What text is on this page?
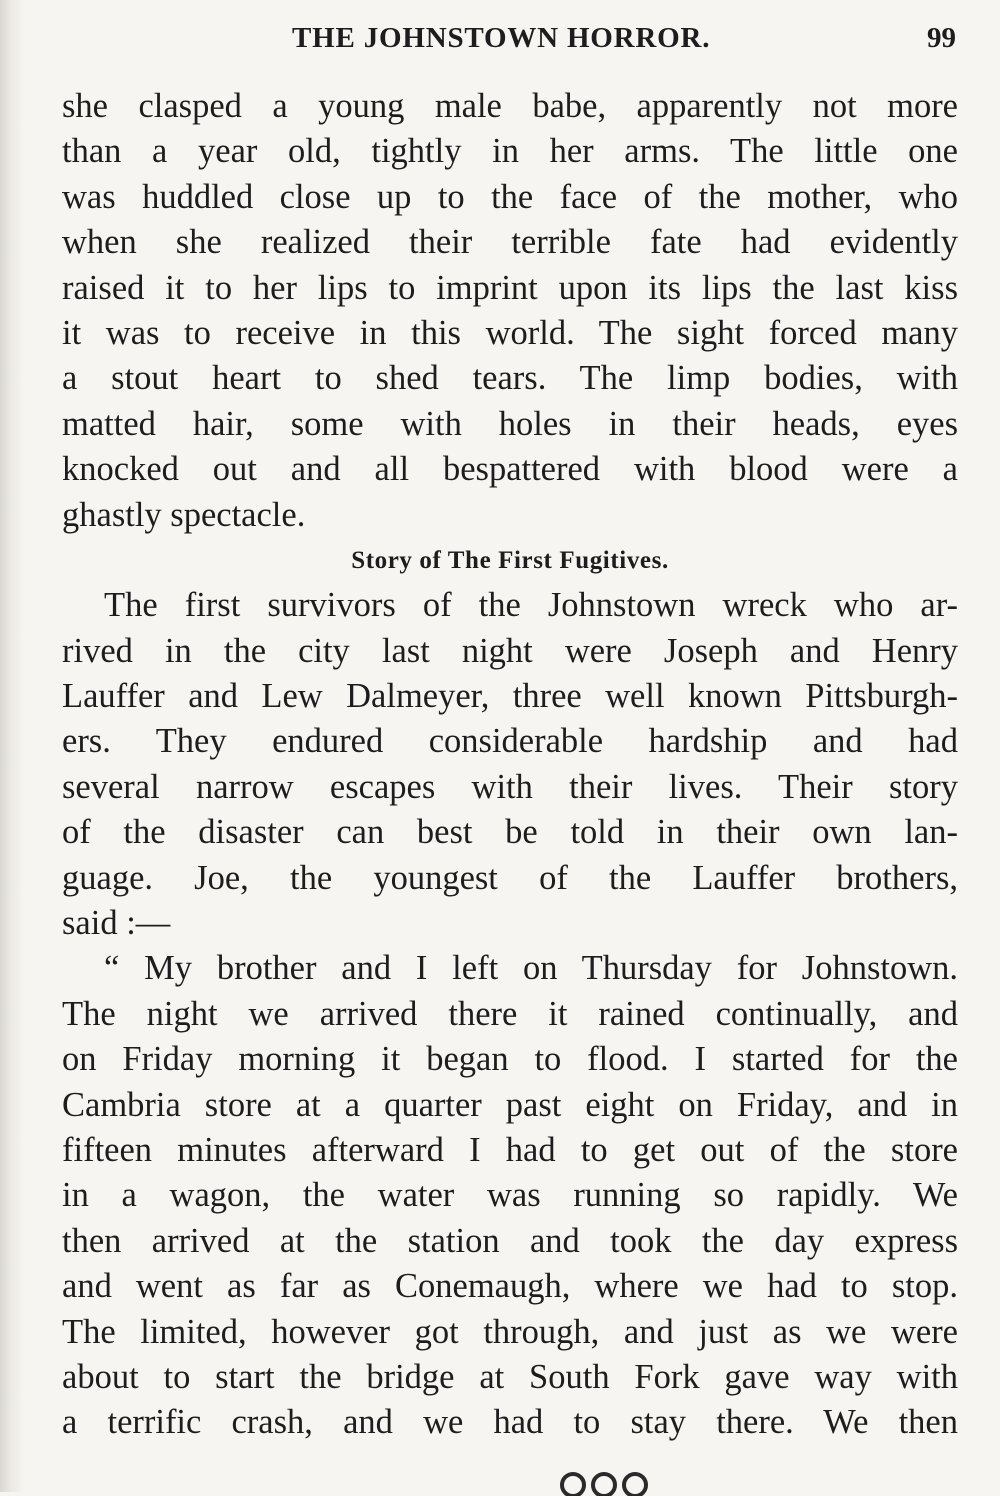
THE JOHNSTOWN HORROR.	99
she clasped a young male babe, apparently not more
than a year old, tightly in her arms. The little one
was huddled close up to the face of the mother, who
when she realized their terrible fate had evidently
raised it to her lips to imprint upon its lips the last kiss
it was to receive in this world. The sight forced many
a stout heart to shed tears. The limp bodies, with
matted hair, some with holes in their heads, eyes
knocked out and all bespattered with blood were a
ghastly spectacle.
Story of The First Fugitives.
The first survivors of the Johnstown wreck who ar-
rived in the city last night were Joseph and Henry
Lauffer and Lew Dalmeyer, three well known Pittsburgh-
ers. They endured considerable hardship and had
several narrow escapes with their lives. Their story
of the disaster can best be told in their own lan-
guage. Joe, the youngest of the Lauffer brothers,
said :—
“ My brother and I left on Thursday for Johnstown.
The night we arrived there it rained continually, and
on Friday morning it began to flood. I started for the
Cambria store at a quarter past eight on Friday, and in
fifteen minutes afterward I had to get out of the store
in a wagon, the water was running so rapidly. We
then arrived at the station and took the day express
and went as far as Conemaugh, where we had to stop.
The limited, however got through, and just as we were
about to start the bridge at South Fork gave way with
a terrific crash, and we had to stay there. We then
